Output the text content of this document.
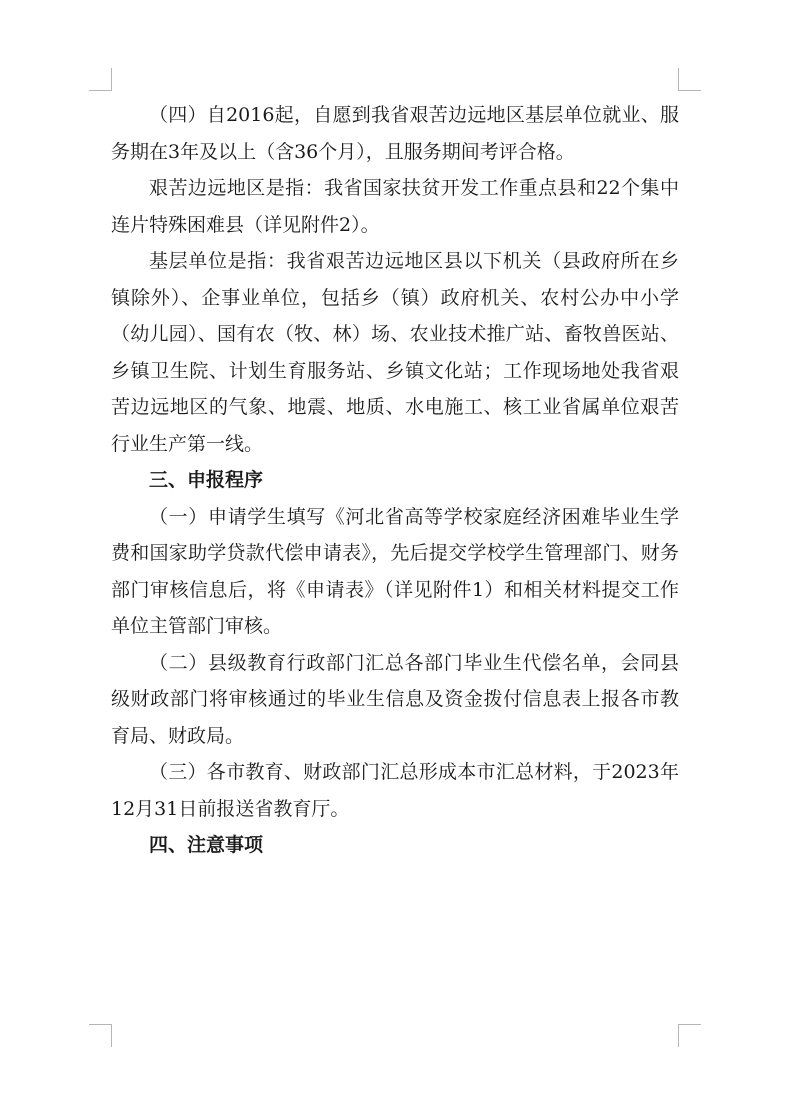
（四）自2016起，自愿到我省艰苦边远地区基层单位就业、服务期在3年及以上（含36个月），且服务期间考评合格。

艰苦边远地区是指：我省国家扶贫开发工作重点县和22个集中连片特殊困难县（详见附件2）。

基层单位是指：我省艰苦边远地区县以下机关（县政府所在乡镇除外）、企事业单位，包括乡（镇）政府机关、农村公办中小学（幼儿园）、国有农（牧、林）场、农业技术推广站、畜牧兽医站、乡镇卫生院、计划生育服务站、乡镇文化站；工作现场地处我省艰苦边远地区的气象、地震、地质、水电施工、核工业省属单位艰苦行业生产第一线。

三、申报程序

（一）申请学生填写《河北省高等学校家庭经济困难毕业生学费和国家助学贷款代偿申请表》，先后提交学校学生管理部门、财务部门审核信息后，将《申请表》（详见附件1）和相关材料提交工作单位主管部门审核。

（二）县级教育行政部门汇总各部门毕业生代偿名单，会同县级财政部门将审核通过的毕业生信息及资金拨付信息表上报各市教育局、财政局。

（三）各市教育、财政部门汇总形成本市汇总材料，于2023年12月31日前报送省教育厅。

四、注意事项
